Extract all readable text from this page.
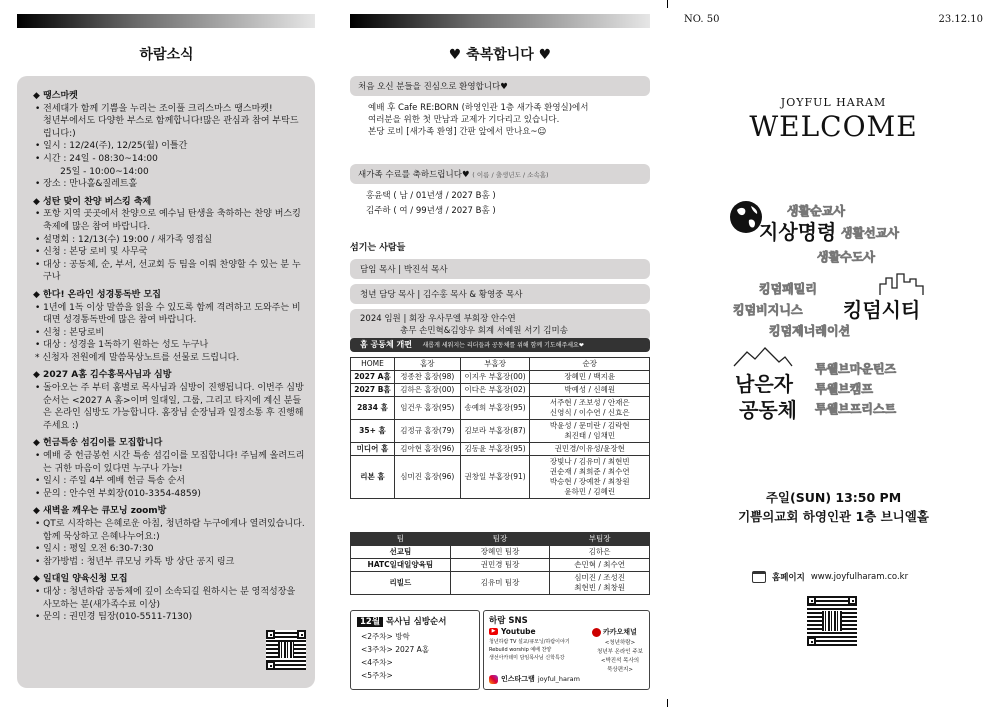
하람소식
◆ 땡스마켓
• 전세대가 함께 기쁨을 누리는 조이풀 크리스마스 땡스마켓!
청년부에서도 다양한 부스로 함께합니다!많은 관심과 참여 부탁드립니다:)
• 일시 : 12/24(주), 12/25(월) 이틀간
• 시간 : 24일 - 08:30~14:00
25일 - 10:00~14:00
• 장소 : 만나홀&질레트홀
◆ 성탄 맞이 찬양 버스킹 축제
• 포항 지역 곳곳에서 찬양으로 예수님 탄생을 축하하는 찬양 버스킹 축제에 많은 참여 바랍니다.
• 설명회 : 12/13(수) 19:00 / 새가족 영접실
• 신청 : 본당 로비 및 사무국
• 대상 : 공동체, 순, 부서, 선교회 등 팀을 이뤄 찬양할 수 있는 분 누구나
◆ 한다! 온라인 성경통독반 모집
• 1년에 1독 이상 말씀을 읽을 수 있도록 함께 격려하고 도와주는 비대면 성경통독반에 많은 참여 바랍니다.
• 신청 : 본당로비
• 대상 : 성경을 1독하기 원하는 성도 누구나
* 신청자 전원에게 말씀묵상노트를 선물로 드립니다.
◆ 2027 A홈 김수홍목사님과 심방
• 돌아오는 주 부터 홈별로 목사님과 심방이 진행됩니다. 이번주 심방 순서는 <2027 A 홈>이며 일대일, 그룹, 그리고 타지에 계신 분들은 온라인 심방도 가능합니다. 홈장님 순장님과 일정소통 후 진행해주세요 :)
◆ 헌금특송 섬김이를 모집합니다
• 예배 중 헌금봉헌 시간 특송 섬김이를 모집합니다! 주님께 올려드리는 귀한 마음이 있다면 누구나 가능!
• 일시 : 주일 4부 예배 헌금 특송 순서
• 문의 : 안수연 부회장(010-3354-4859)
◆ 새벽을 깨우는 큐모닝 zoom방
• QT로 시작하는 은혜로운 아침, 청년하람 누구에게나 열려있습니다. 함께 묵상하고 은혜나누어요:)
• 일시 : 평일 오전 6:30-7:30
• 참가방법 : 청년부 큐모닝 카톡 방 상단 공지 링크
◆ 일대일 양육신청 모집
• 대상 : 청년하람 공동체에 깊이 소속되길 원하시는 분 영적성장을 사모하는 분(새가족수료 이상)
• 문의 : 권민경 팀장(010-5511-7130)
♥ 축복합니다 ♥
처음 오신 분들을 진심으로 환영합니다♥
예배 후 Cafe RE:BORN (하영인관 1층 새가족 환영실)에서
여러분을 위한 첫 만남과 교제가 기다리고 있습니다.
본당 로비 [새가족 환영] 간판 앞에서 만나요~☺
새가족 수료를 축하드립니다♥ ( 이름 / 출생년도 / 소속홈)
홍윤택 ( 남 / 01년생 / 2027 B홈 )
김주하 ( 여 / 99년생 / 2027 B홈 )
섬기는 사람들
담임 목사 | 박진석 목사
청년 담당 목사 | 김수홍 목사 & 황영중 목사
2024 임원 | 회장 우사무엘 부회장 안수연
총무 손민혁&김양우 회계 서예원 서기 김미송
홈 공동체 개편 새롭게 세워지는 리더들과 공동체를 위해 함께 기도해주세요❤
HOME	홈장	부홈장	순장
2027 A홈	정종찬 홈장(98)	이지우 부홈장(00)	장혜민 / 백지윤
2027 B홈	김하은 홈장(00)	이다은 부홈장(02)	박예성 / 신혜원
2834 홈	임건우 홈장(95)	송예희 부홈장(95)	서주현 / 조보성 / 안재은
신영식 / 이수연 / 신효은
35+ 홈	김정규 홈장(79)	김보라 부홈장(87)	박윤성 / 문미란 / 김락현
최진태 / 임채민
미디어 홈	김아현 홈장(96)	김동윤 부홈장(95)	권민경/이유성/윤장현
리본 홈	심미진 홈장(96)	권창일 부홈장(91)	장빛나 / 김유미 / 최현빈
권순재 / 최희준 / 최수연
박승현 / 장예찬 / 최창원
윤하민 / 김혜린
팀	팀장	부팀장
선교팀	장혜민 팀장	김하은
HATC일대일양육팀	권민경 팀장	손민혁 / 최수연
리빌드	김유미 팀장	심미진 / 조성진
최현빈 / 최창원
12월 목사님 심방순서
<2주차> 방학
<3주차> 2027 A홈
<4주차>
<5주차>
하람 SNS
▶ Youtube
청년하람 TV 설교/큐모닝/하람이야기
Rebuild worship 예배 찬양
생선아카데미 담임목사님 신학특강
인스타그램 joyful_haram
카카오채널
<청년하람>
청년부 온라인 주보
<박진석 목사의
묵상편지>
NO. 50	23.12.10
JOYFUL HARAM
WELCOME
생활순교사
지상명령 생활선교사
생활수도사
킹덤패밀리
킹덤비지니스 킹덤시티
킹덤제너레이션
남은자
공동체
투웰브마운틴즈
투웰브캠프
투웰브프리스트
주일(SUN) 13:50 PM
기쁨의교회 하영인관 1층 브니엘홀
홈페이지 www.joyfulharam.co.kr
